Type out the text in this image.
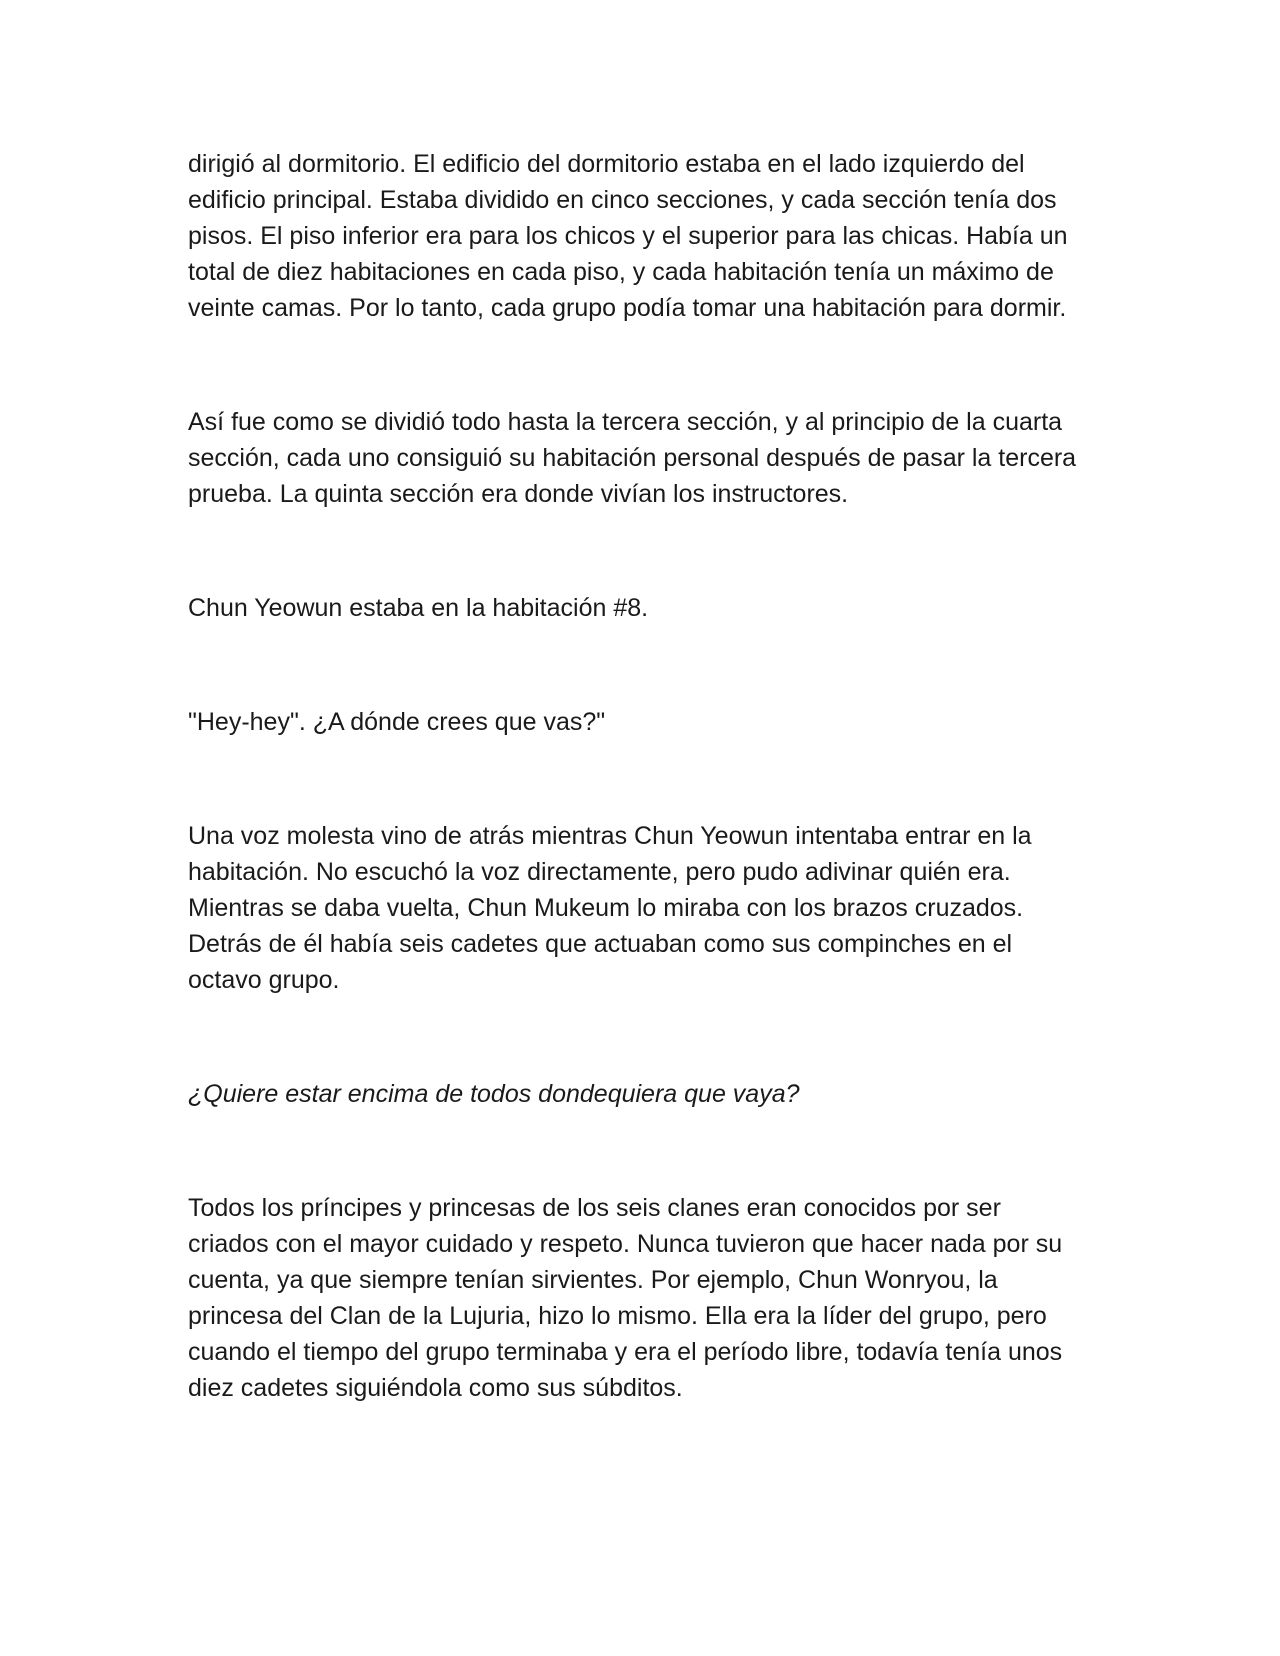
dirigió al dormitorio. El edificio del dormitorio estaba en el lado izquierdo del edificio principal. Estaba dividido en cinco secciones, y cada sección tenía dos pisos. El piso inferior era para los chicos y el superior para las chicas. Había un total de diez habitaciones en cada piso, y cada habitación tenía un máximo de veinte camas. Por lo tanto, cada grupo podía tomar una habitación para dormir.

Así fue como se dividió todo hasta la tercera sección, y al principio de la cuarta sección, cada uno consiguió su habitación personal después de pasar la tercera prueba. La quinta sección era donde vivían los instructores.

Chun Yeowun estaba en la habitación #8.

"Hey-hey". ¿A dónde crees que vas?"

Una voz molesta vino de atrás mientras Chun Yeowun intentaba entrar en la habitación. No escuchó la voz directamente, pero pudo adivinar quién era. Mientras se daba vuelta, Chun Mukeum lo miraba con los brazos cruzados. Detrás de él había seis cadetes que actuaban como sus compinches en el octavo grupo.

¿Quiere estar encima de todos dondequiera que vaya?

Todos los príncipes y princesas de los seis clanes eran conocidos por ser criados con el mayor cuidado y respeto. Nunca tuvieron que hacer nada por su cuenta, ya que siempre tenían sirvientes. Por ejemplo, Chun Wonryou, la princesa del Clan de la Lujuria, hizo lo mismo. Ella era la líder del grupo, pero cuando el tiempo del grupo terminaba y era el período libre, todavía tenía unos diez cadetes siguiéndola como sus súbditos.
